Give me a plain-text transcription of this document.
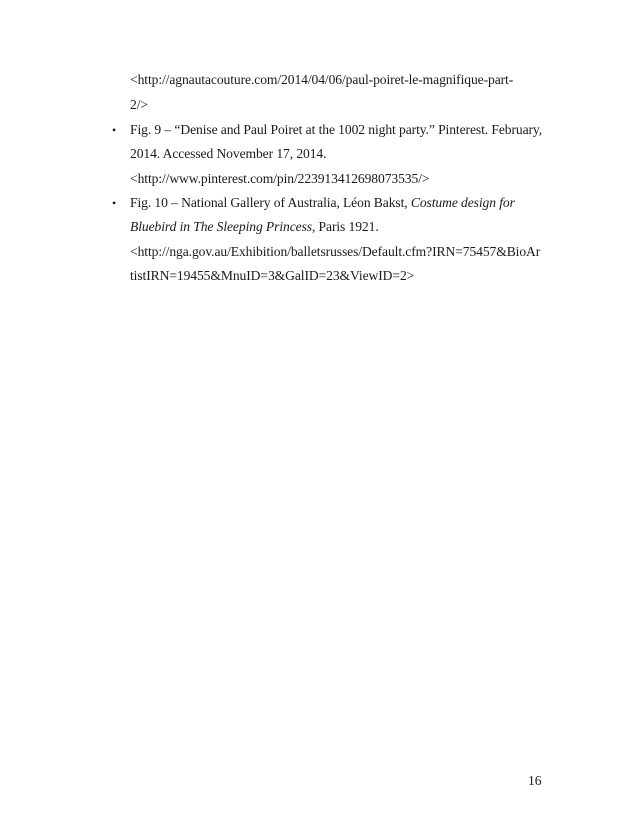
<http://agnautacouture.com/2014/04/06/paul-poiret-le-magnifique-part-
2/>
• Fig. 9 – “Denise and Paul Poiret at the 1002 night party.” Pinterest. February,
2014. Accessed November 17, 2014.
<http://www.pinterest.com/pin/223913412698073535/>
• Fig. 10 – National Gallery of Australia, Léon Bakst, Costume design for
Bluebird in The Sleeping Princess, Paris 1921.
<http://nga.gov.au/Exhibition/balletsrusses/Default.cfm?IRN=75457&BioAr
tistIRN=19455&MnuID=3&GalID=23&ViewID=2>
16
